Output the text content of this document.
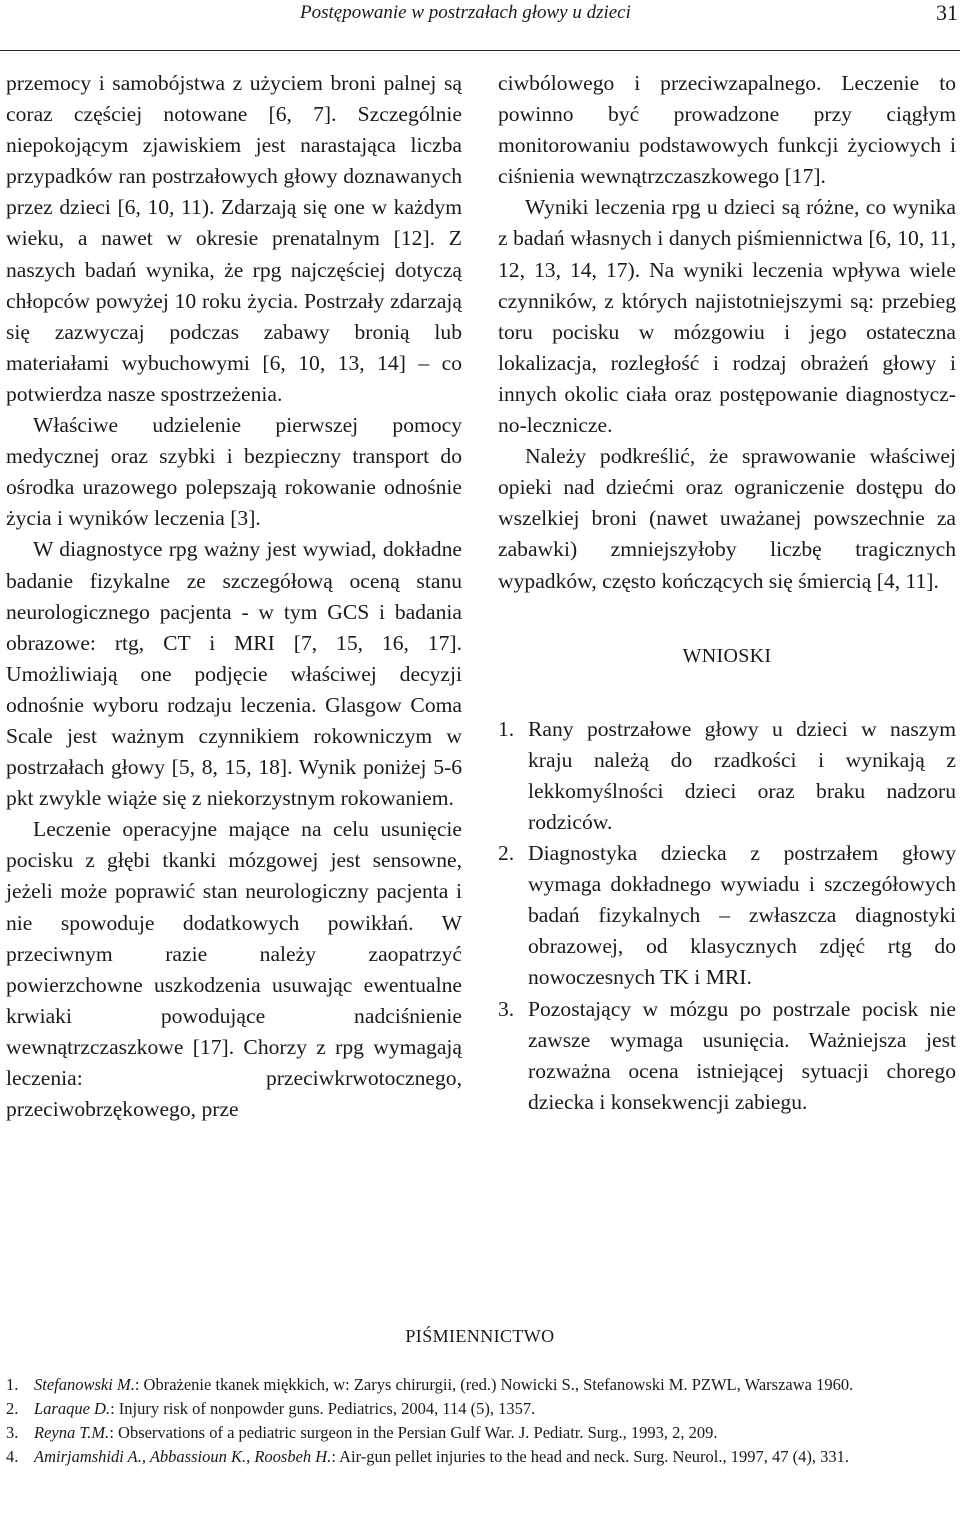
Postępowanie w postrzałach głowy u dzieci	31

przemocy i samobójstwa z użyciem broni palnej są coraz częściej notowane [6, 7]. Szczególnie niepokojącym zjawiskiem jest narastająca liczba przypadków ran postrzałowych głowy doznawanych przez dzieci [6, 10, 11). Zdarzają się one w każdym wieku, a nawet w okresie prenatalnym [12]. Z naszych badań wynika, że rpg najczęściej dotyczą chłopców powyżej 10 roku życia. Postrzały zdarzają się zazwyczaj podczas zabawy bronią lub materiałami wybuchowymi [6, 10, 13, 14] – co potwierdza nasze spostrzeżenia.

Właściwe udzielenie pierwszej pomocy medycznej oraz szybki i bezpieczny transport do ośrodka urazowego polepszają rokowanie odnośnie życia i wyników leczenia [3].

W diagnostyce rpg ważny jest wywiad, dokładne badanie fizykalne ze szczegółową oceną stanu neurologicznego pacjenta - w tym GCS i badania obrazowe: rtg, CT i MRI [7, 15, 16, 17]. Umożliwiają one podjęcie właściwej decyzji odnośnie wyboru rodzaju leczenia. Glasgow Coma Scale jest ważnym czynnikiem rokowniczym w postrzałach głowy [5, 8, 15, 18]. Wynik poniżej 5-6 pkt zwykle wiąże się z niekorzystnym rokowaniem.

Leczenie operacyjne mające na celu usunięcie pocisku z głębi tkanki mózgowej jest sensowne, jeżeli może poprawić stan neurologiczny pacjenta i nie spowoduje dodatkowych powikłań. W przeciwnym razie należy zaopatrzyć powierzchowne uszkodzenia usuwając ewentualne krwiaki powodujące nadciśnienie wewnątrzczaszkowe [17]. Chorzy z rpg wymagają leczenia: przeciwkrwotocznego, przeciwobrzękowego, prze

ciwbólowego i przeciwzapalnego. Leczenie to powinno być prowadzone przy ciągłym monitorowaniu podstawowych funkcji życiowych i ciśnienia wewnątrzczaszkowego [17].

Wyniki leczenia rpg u dzieci są różne, co wynika z badań własnych i danych piśmiennictwa [6, 10, 11, 12, 13, 14, 17). Na wyniki leczenia wpływa wiele czynników, z których najistotniejszymi są: przebieg toru pocisku w mózgowiu i jego ostateczna lokalizacja, rozległość i rodzaj obrażeń głowy i innych okolic ciała oraz postępowanie diagnostyczno-lecznicze.

Należy podkreślić, że sprawowanie właściwej opieki nad dziećmi oraz ograniczenie dostępu do wszelkiej broni (nawet uważanej powszechnie za zabawki) zmniejszyłoby liczbę tragicznych wypadków, często kończących się śmiercią [4, 11].

WNIOSKI

1. Rany postrzałowe głowy u dzieci w naszym kraju należą do rzadkości i wynikają z lekkomyślności dzieci oraz braku nadzoru rodziców.
2. Diagnostyka dziecka z postrzałem głowy wymaga dokładnego wywiadu i szczegółowych badań fizykalnych – zwłaszcza diagnostyki obrazowej, od klasycznych zdjęć rtg do nowoczesnych TK i MRI.
3. Pozostający w mózgu po postrzale pocisk nie zawsze wymaga usunięcia. Ważniejsza jest rozważna ocena istniejącej sytuacji chorego dziecka i konsekwencji zabiegu.
PIŚMIENNICTWO
1. Stefanowski M.: Obrażenie tkanek miękkich, w: Zarys chirurgii, (red.) Nowicki S., Stefanowski M. PZWL, Warszawa 1960.
2. Laraque D.: Injury risk of nonpowder guns. Pediatrics, 2004, 114 (5), 1357.
3. Reyna T.M.: Observations of a pediatric surgeon in the Persian Gulf War. J. Pediatr. Surg., 1993, 2, 209.
4. Amirjamshidi A., Abbassioun K., Roosbeh H.: Air-gun pellet injuries to the head and neck. Surg. Neurol., 1997, 47 (4), 331.
